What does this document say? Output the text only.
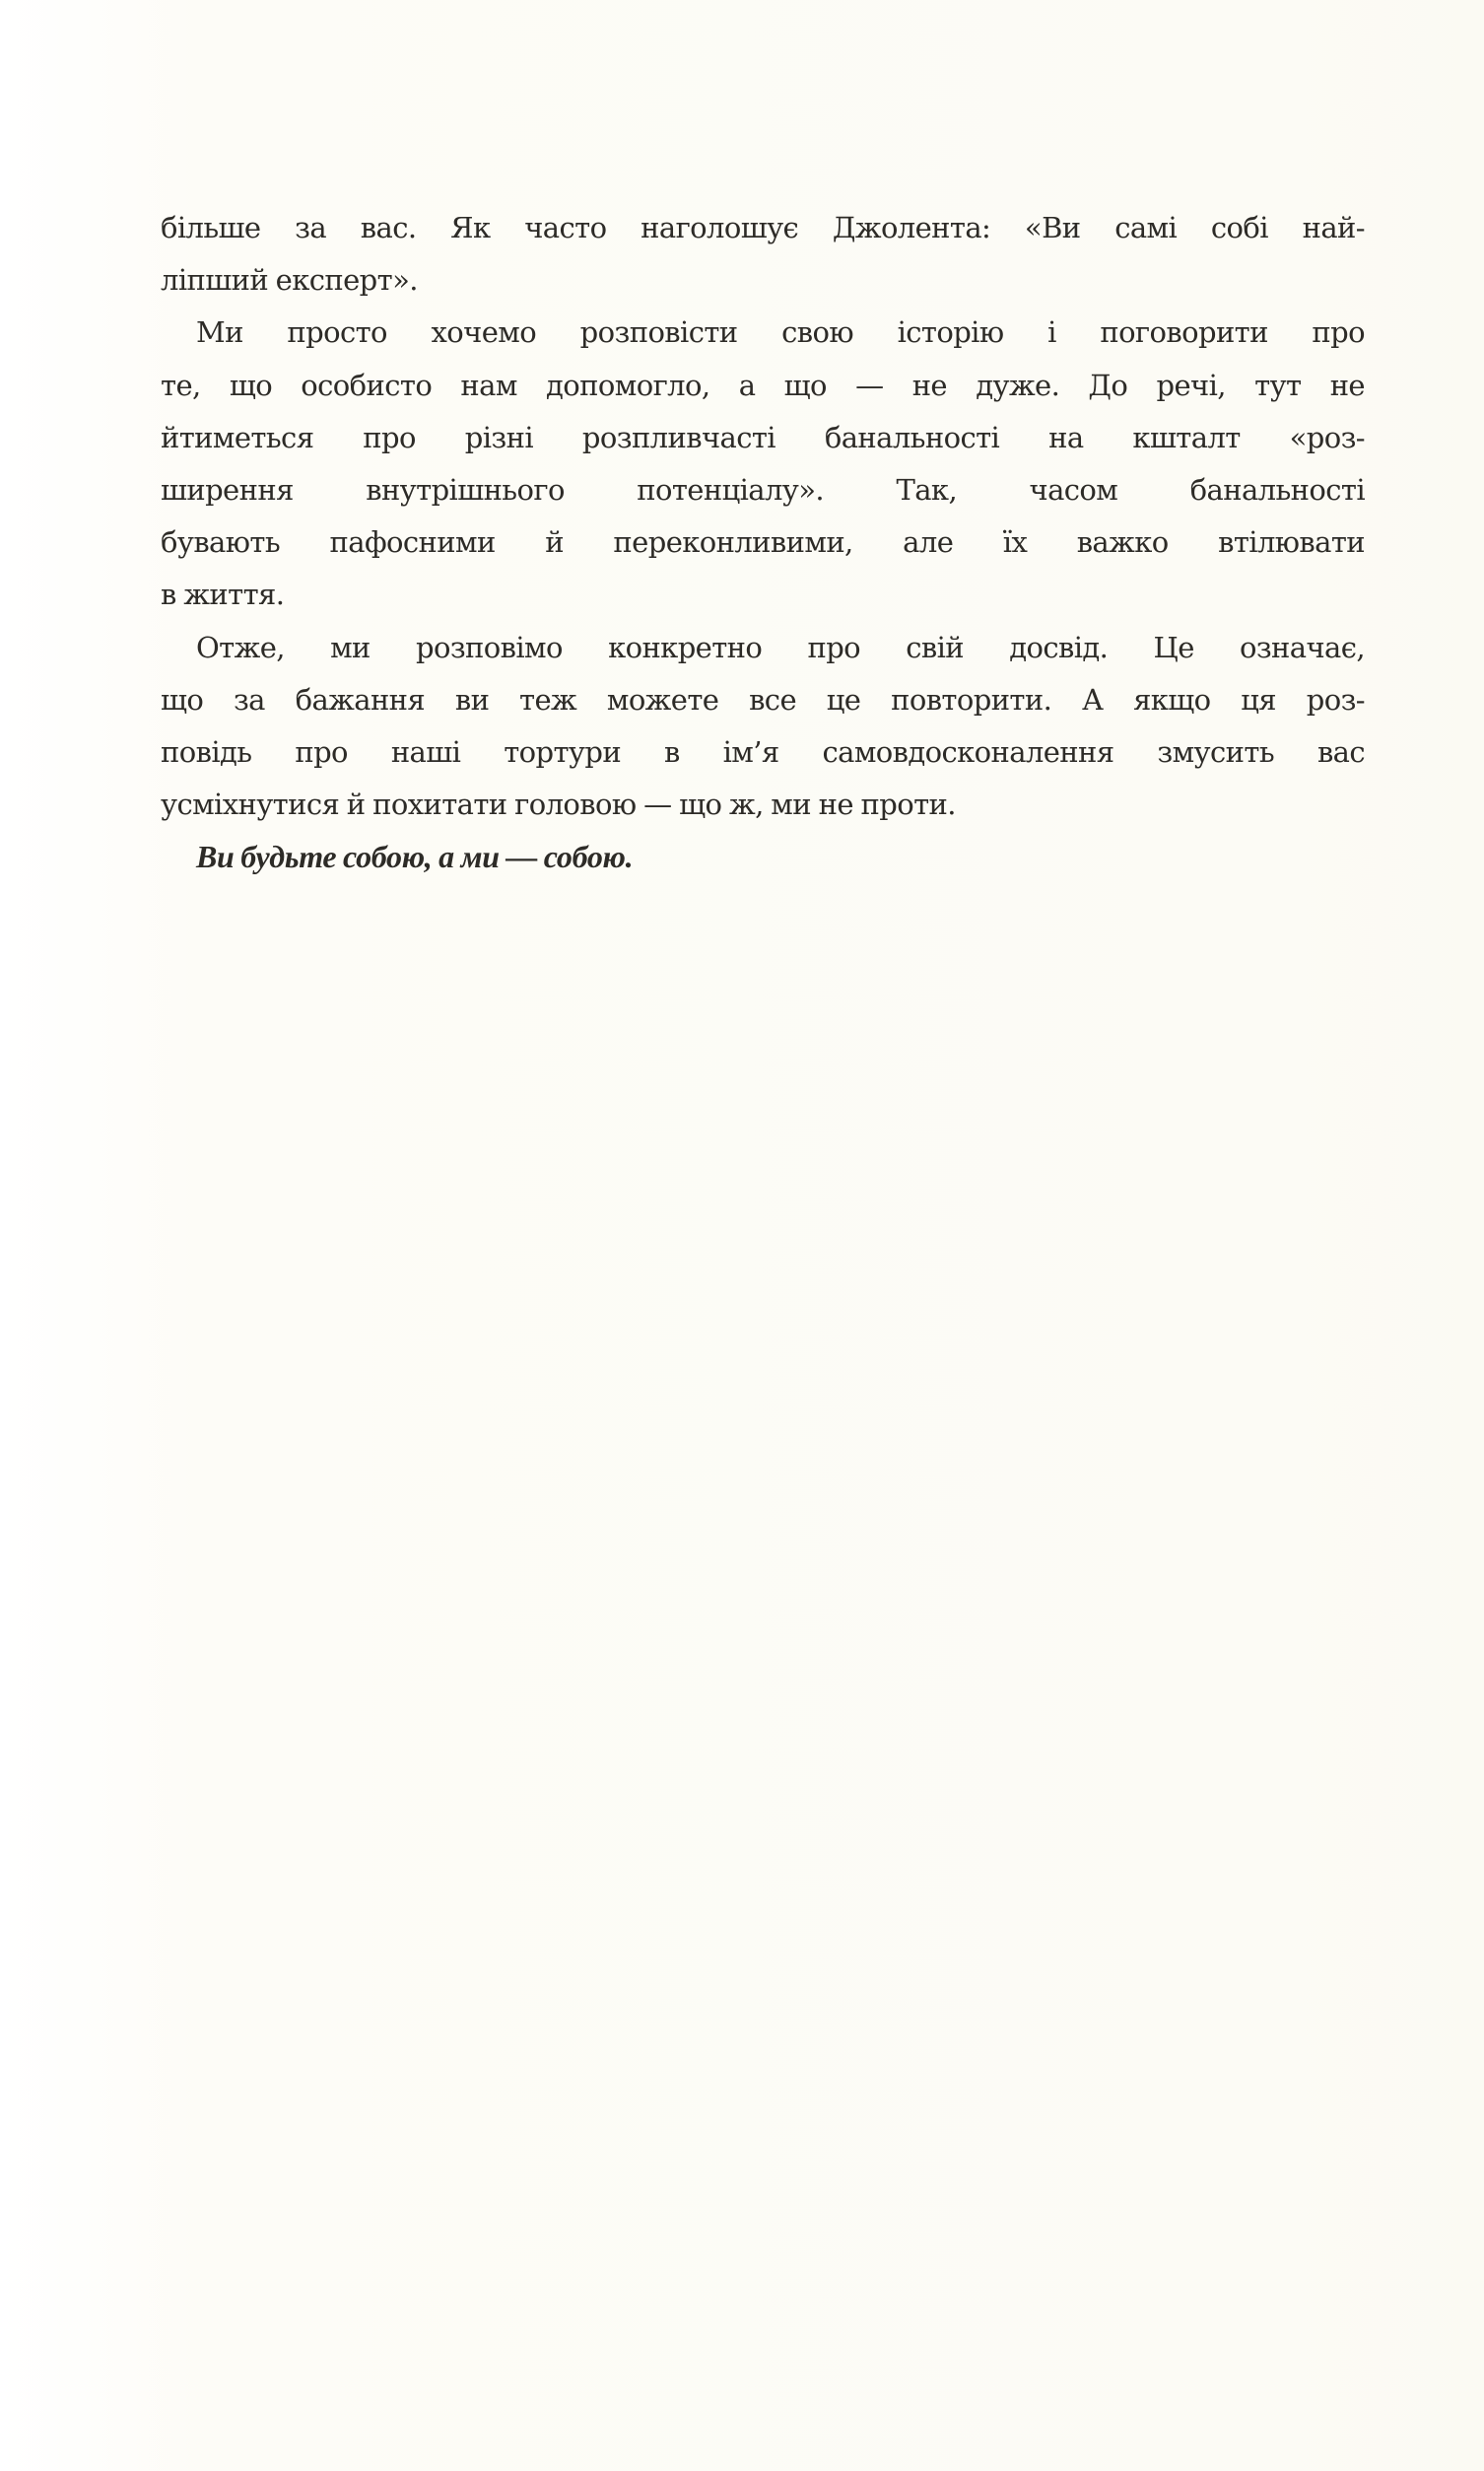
більше за вас. Як часто наголошує Джолента: «Ви самі собі най-
ліпший експерт».
Ми просто хочемо розповісти свою історію і поговорити про
те, що особисто нам допомогло, а що — не дуже. До речі, тут не
йтиметься про різні розпливчасті банальності на кшталт «роз-
ширення внутрішнього потенціалу». Так, часом банальності
бувають пафосними й переконливими, але їх важко втілювати
в життя.
Отже, ми розповімо конкретно про свій досвід. Це означає,
що за бажання ви теж можете все це повторити. А якщо ця роз-
повідь про наші тортури в ім’я самовдосконалення змусить вас
усміхнутися й похитати головою — що ж, ми не проти.
Ви будьте собою, а ми — собою.
